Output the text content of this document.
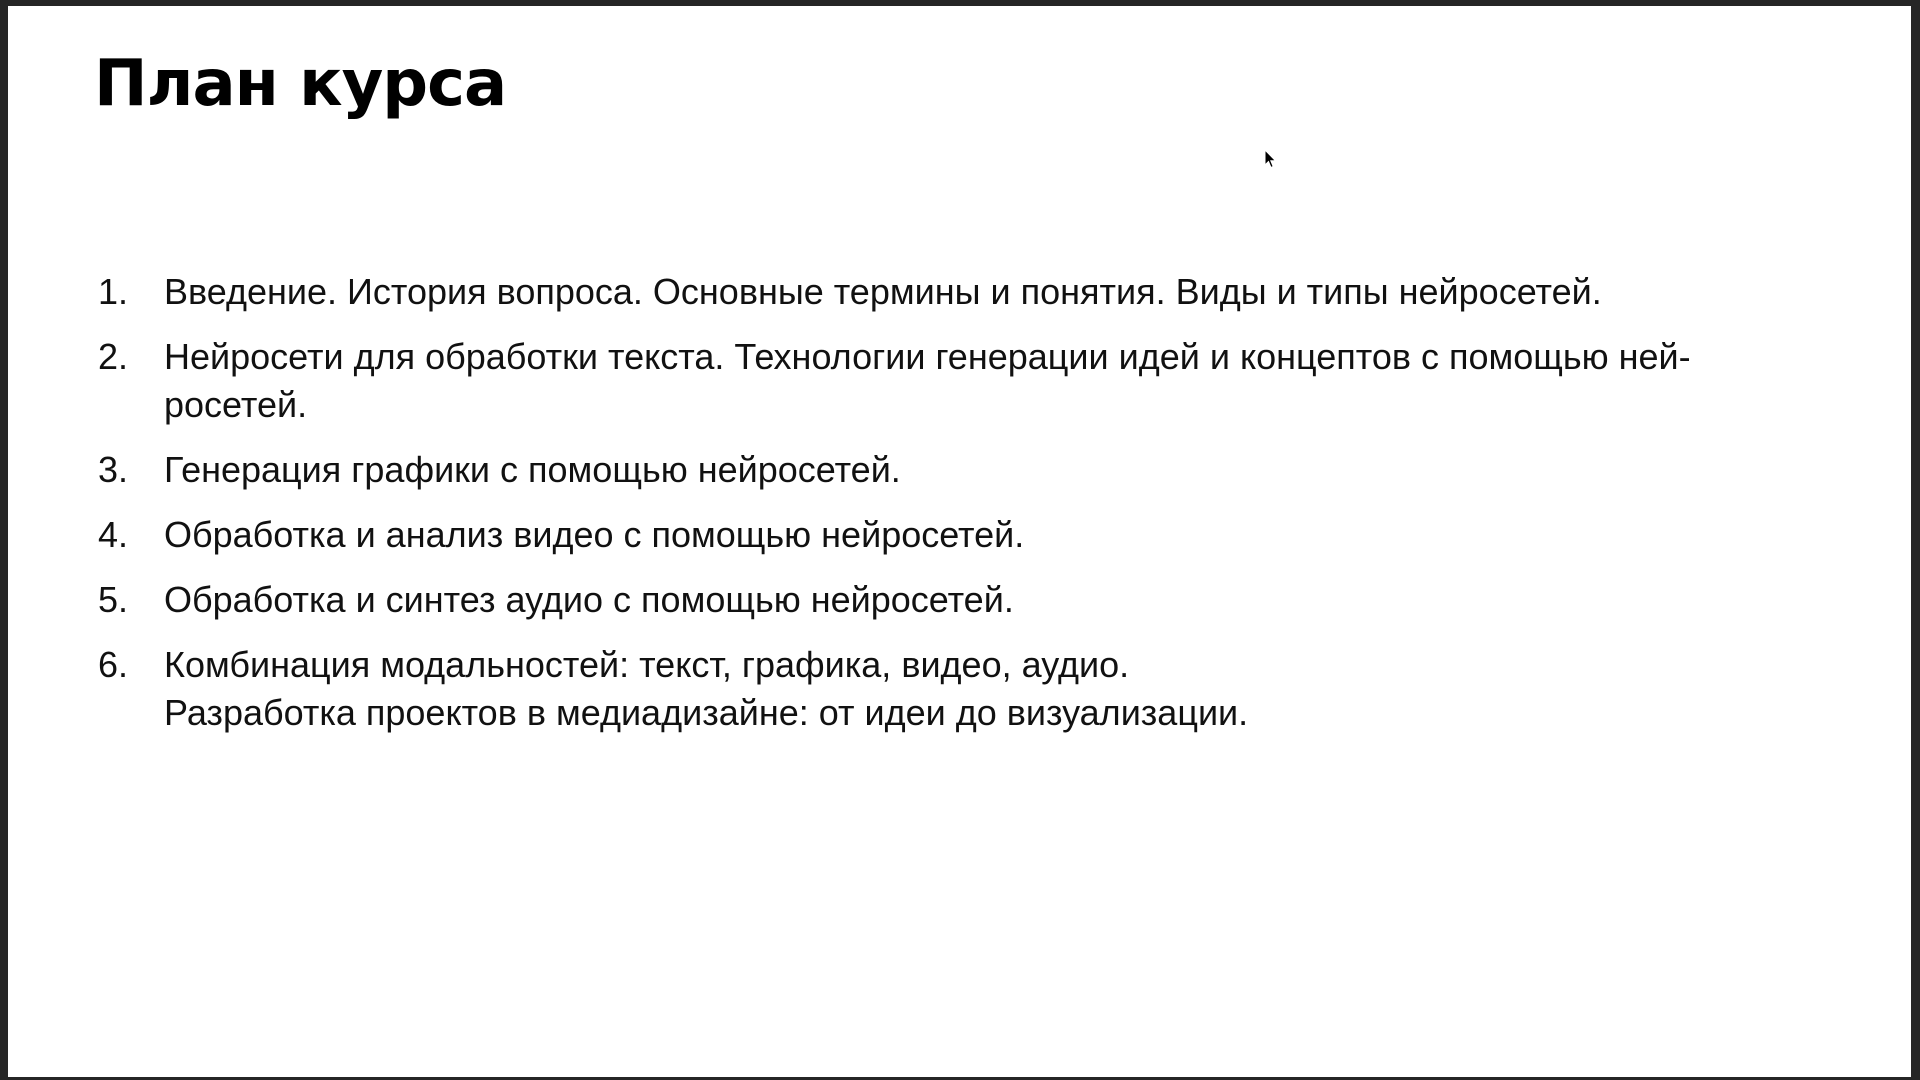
План курса
1. Введение. История вопроса. Основные термины и понятия. Виды и типы нейросетей.
2. Нейросети для обработки текста. Технологии генерации идей и концептов с помощью ней-
росетей.
3. Генерация графики с помощью нейросетей.
4. Обработка и анализ видео с помощью нейросетей.
5. Обработка и синтез аудио с помощью нейросетей.
6. Комбинация модальностей: текст, графика, видео, аудио.
Разработка проектов в медиадизайне: от идеи до визуализации.
